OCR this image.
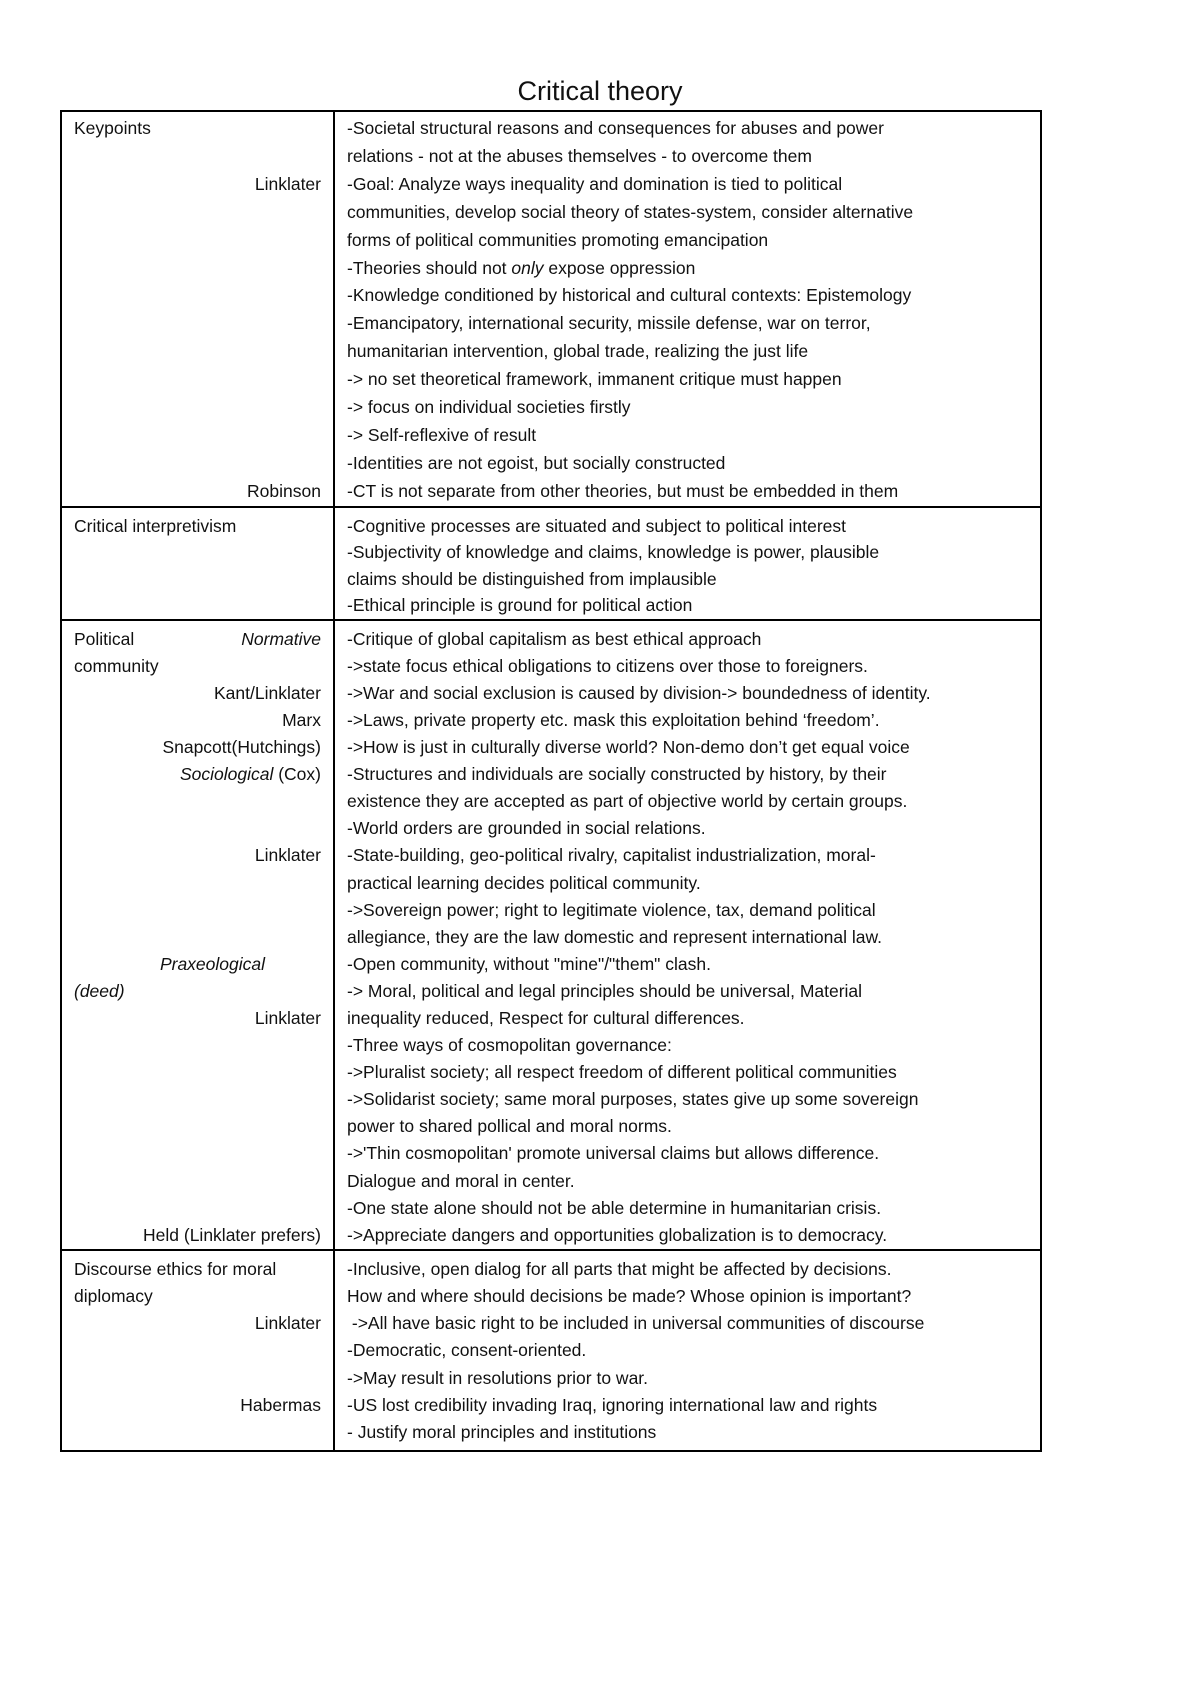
Critical theory
Keypoints
Linklater
Robinson
-Societal structural reasons and consequences for abuses and power
relations - not at the abuses themselves - to overcome them
-Goal: Analyze ways inequality and domination is tied to political
communities, develop social theory of states-system, consider alternative
forms of political communities promoting emancipation
-Theories should not only expose oppression
-Knowledge conditioned by historical and cultural contexts: Epistemology
-Emancipatory, international security, missile defense, war on terror,
humanitarian intervention, global trade, realizing the just life
-> no set theoretical framework, immanent critique must happen
-> focus on individual societies firstly
-> Self-reflexive of result
-Identities are not egoist, but socially constructed
-CT is not separate from other theories, but must be embedded in them
Critical interpretivism	-Cognitive processes are situated and subject to political interest
-Subjectivity of knowledge and claims, knowledge is power, plausible
claims should be distinguished from implausible
-Ethical principle is ground for political action
Political	Normative
community
Kant/Linklater
Marx
Snapcott(Hutchings)
Sociological (Cox)
Linklater
Praxeological
(deed)
Linklater
Held (Linklater prefers)
-Critique of global capitalism as best ethical approach
->state focus ethical obligations to citizens over those to foreigners.
->War and social exclusion is caused by division-> boundedness of identity.
->Laws, private property etc. mask this exploitation behind ‘freedom’.
->How is just in culturally diverse world? Non-demo don’t get equal voice
-Structures and individuals are socially constructed by history, by their
existence they are accepted as part of objective world by certain groups.
-World orders are grounded in social relations.
-State-building, geo-political rivalry, capitalist industrialization, moral-
practical learning decides political community.
->Sovereign power; right to legitimate violence, tax, demand political
allegiance, they are the law domestic and represent international law.
-Open community, without "mine"/"them" clash.
-> Moral, political and legal principles should be universal, Material
inequality reduced, Respect for cultural differences.
-Three ways of cosmopolitan governance:
->Pluralist society; all respect freedom of different political communities
->Solidarist society; same moral purposes, states give up some sovereign
power to shared pollical and moral norms.
->'Thin cosmopolitan' promote universal claims but allows difference.
Dialogue and moral in center.
-One state alone should not be able determine in humanitarian crisis.
->Appreciate dangers and opportunities globalization is to democracy.
Discourse ethics for moral
diplomacy
Linklater
Habermas
-Inclusive, open dialog for all parts that might be affected by decisions.
How and where should decisions be made? Whose opinion is important?
->All have basic right to be included in universal communities of discourse
-Democratic, consent-oriented.
->May result in resolutions prior to war.
-US lost credibility invading Iraq, ignoring international law and rights
- Justify moral principles and institutions
